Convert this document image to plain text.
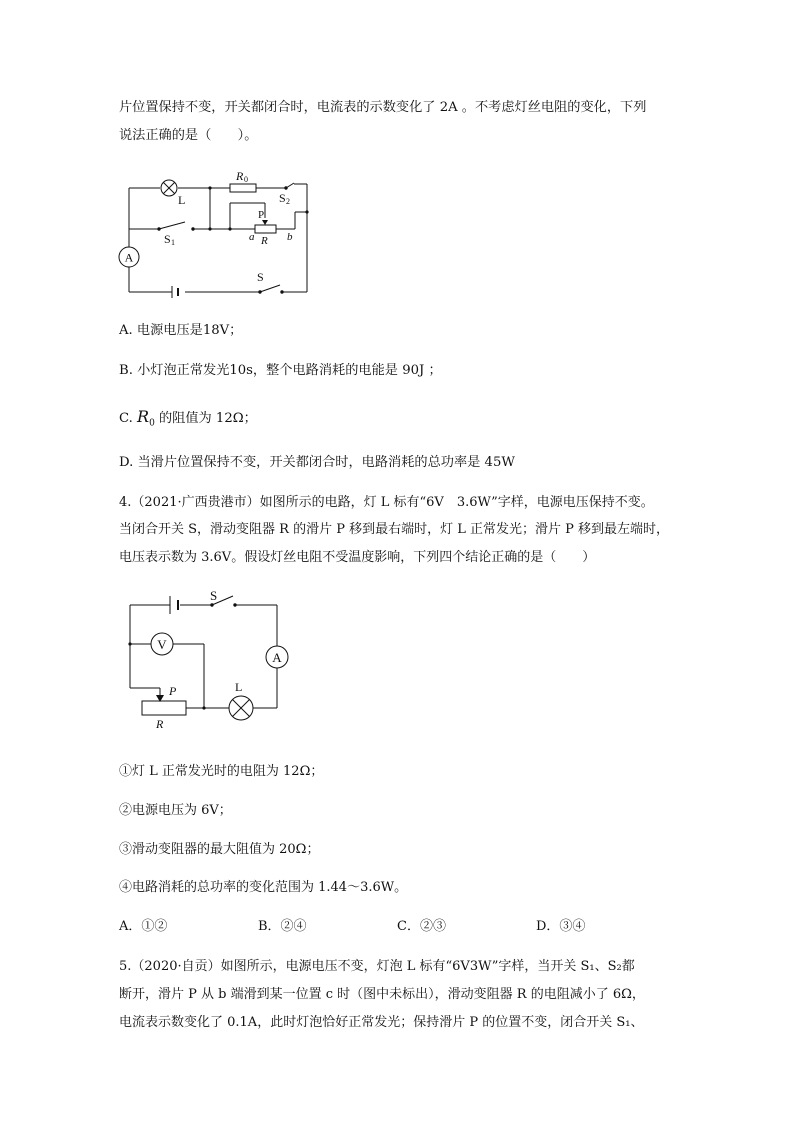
片位置保持不变，开关都闭合时，电流表的示数变化了 2A 。不考虑灯丝电阻的变化，下列
说法正确的是（　　）。
A
L
R 0
S 2
P
a R b
S 1
S
A. 电源电压是18V；
B. 小灯泡正常发光10s，整个电路消耗的电能是 90J ；
C. $R_0$ 的阻值为 12Ω；
D. 当滑片位置保持不变，开关都闭合时，电路消耗的总功率是 45W
4.（2021·广西贵港市）如图所示的电路，灯 L 标有“6V　3.6W”字样，电源电压保持不变。
当闭合开关 S，滑动变阻器 R 的滑片 P 移到最右端时，灯 L 正常发光；滑片 P 移到最左端时，
电压表示数为 3.6V。假设灯丝电阻不受温度影响，下列四个结论正确的是（　　）
V
A
S
P	L
R
①灯 L 正常发光时的电阻为 12Ω；
②电源电压为 6V；
③滑动变阻器的最大阻值为 20Ω；
④电路消耗的总功率的变化范围为 1.44～3.6W。
A．①②	B．②④	C．②③	D．③④
5.（2020·自贡）如图所示，电源电压不变，灯泡 L 标有“6V3W”字样，当开关 S₁、S₂都
断开，滑片 P 从 b 端滑到某一位置 c 时（图中未标出），滑动变阻器 R 的电阻减小了 6Ω，
电流表示数变化了 0.1A，此时灯泡恰好正常发光；保持滑片 P 的位置不变，闭合开关 S₁、
